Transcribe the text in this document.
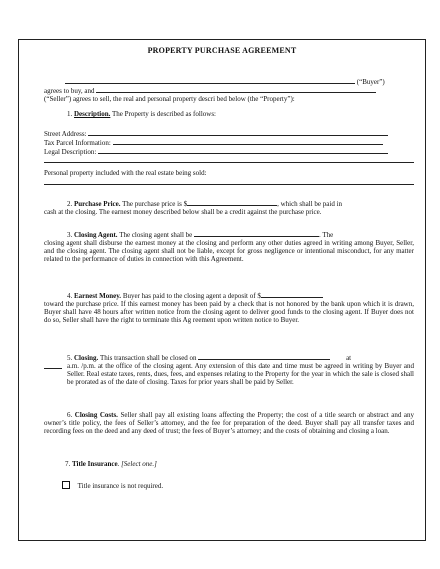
PROPERTY PURCHASE AGREEMENT
(“Buyer”)
agrees to buy, and
(“Seller”) agrees to sell, the real and personal property descri bed below (the “Property”):
1. Description. The Property is described as follows:
Street Address:
Tax Parcel Information:
Legal Description:
Personal property included with the real estate being sold:
2. Purchase Price. The purchase price is $	, which shall be paid in
cash at the closing. The earnest money described below shall be a credit against the purchase price.
3. Closing Agent. The closing agent shall be	. The
closing agent shall disburse the earnest money at the closing and perform any other duties agreed in writing among Buyer, Seller, and the closing agent. The closing agent shall not be liable, except for gross negligence or intentional misconduct, for any matter related to the performance of duties in connection with this Agreement.
4. Earnest Money. Buyer has paid to the closing agent a deposit of $
toward the purchase price. If this earnest money has been paid by a check that is not honored by the bank upon which it is drawn, Buyer shall have 48 hours after written notice from the closing agent to deliver good funds to the closing agent. If Buyer does not do so, Seller shall have the right to terminate this Ag reement upon written notice to Buyer.
5. Closing. This transaction shall be closed on	at
a.m. /p.m. at the office of the closing agent. Any extension of this date and time must be agreed in writing by Buyer and Seller. Real estate taxes, rents, dues, fees, and expenses relating to the Property for the year in which the sale is closed shall be prorated as of the date of closing. Taxes for prior years shall be paid by Seller.
6. Closing Costs. Seller shall pay all existing loans affecting the Property; the cost of a title search or abstract and any owner’s title policy, the fees of Seller’s attorney, and the fee for preparation of the deed. Buyer shall pay all transfer taxes and recording fees on the deed and any deed of trust; the fees of Buyer’s attorney; and the costs of obtaining and closing a loan.
7. Title Insurance. [Select one.]
Title insurance is not required.
